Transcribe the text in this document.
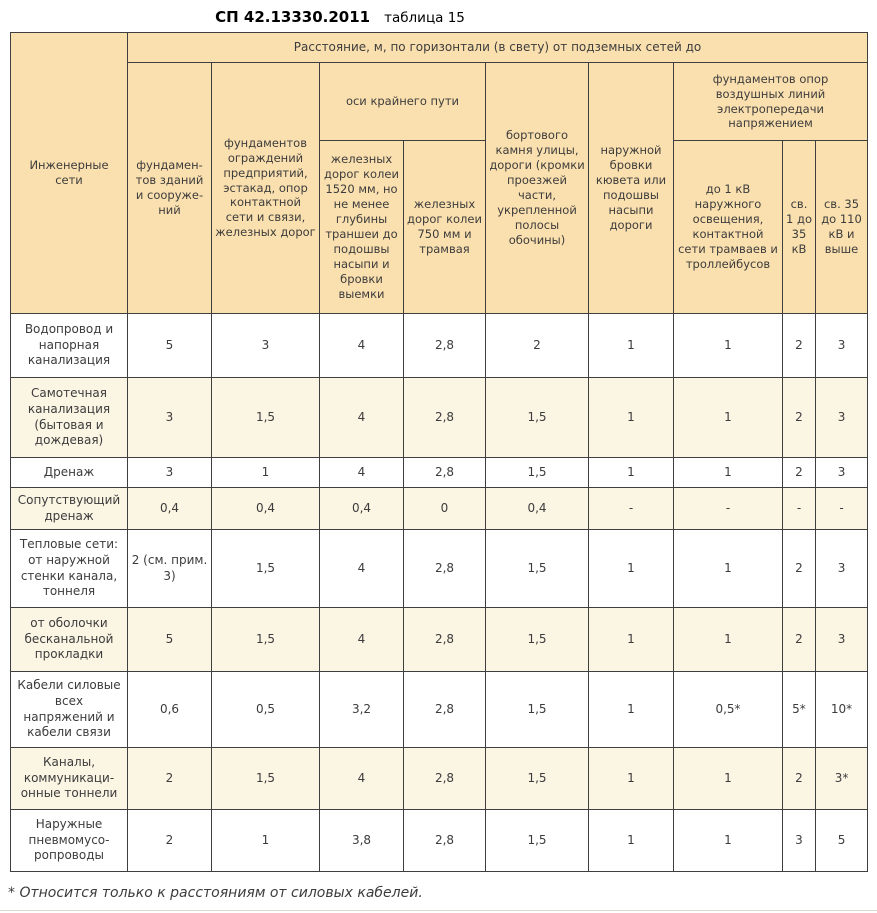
СП 42.13330.2011 таблица 15
Инженерные сети	Расстояние, м, по горизонтали (в свету) от подземных сетей до								
	фундамен-тов зданий и сооруже-ний	фундаментов ограждений предприятий, эстакад, опор контактной сети и связи, железных дорог	оси крайнего пути		бортового камня улицы, дороги (кромки проезжей части, укрепленной полосы обочины)	наружной бровки кювета или подошвы насыпи дороги	фундаментов опор воздушных линий электропередачи напряжением		
			железных дорог колеи 1520 мм, но не менее глубины траншеи до подошвы насыпи и бровки выемки	железных дорог колеи 750 мм и трамвая			до 1 кВ наружного освещения, контактной сети трамваев и троллейбусов	св. 1 до 35 кВ	св. 35 до 110 кВ и выше
Водопровод и напорная канализация	5	3	4	2,8	2	1	1	2	3
Самотечная канализация (бытовая и дождевая)	3	1,5	4	2,8	1,5	1	1	2	3
Дренаж	3	1	4	2,8	1,5	1	1	2	3
Сопутствующий дренаж	0,4	0,4	0,4	0	0,4	-	-	-	-
Тепловые сети: от наружной стенки канала, тоннеля	2 (см. прим. 3)	1,5	4	2,8	1,5	1	1	2	3
от оболочки бесканальной прокладки	5	1,5	4	2,8	1,5	1	1	2	3
Кабели силовые всех напряжений и кабели связи	0,6	0,5	3,2	2,8	1,5	1	0,5*	5*	10*
Каналы, коммуникаци-онные тоннели	2	1,5	4	2,8	1,5	1	1	2	3*
Наружные пневмомусо-ропроводы	2	1	3,8	2,8	1,5	1	1	3	5
* Относится только к расстояниям от силовых кабелей.
